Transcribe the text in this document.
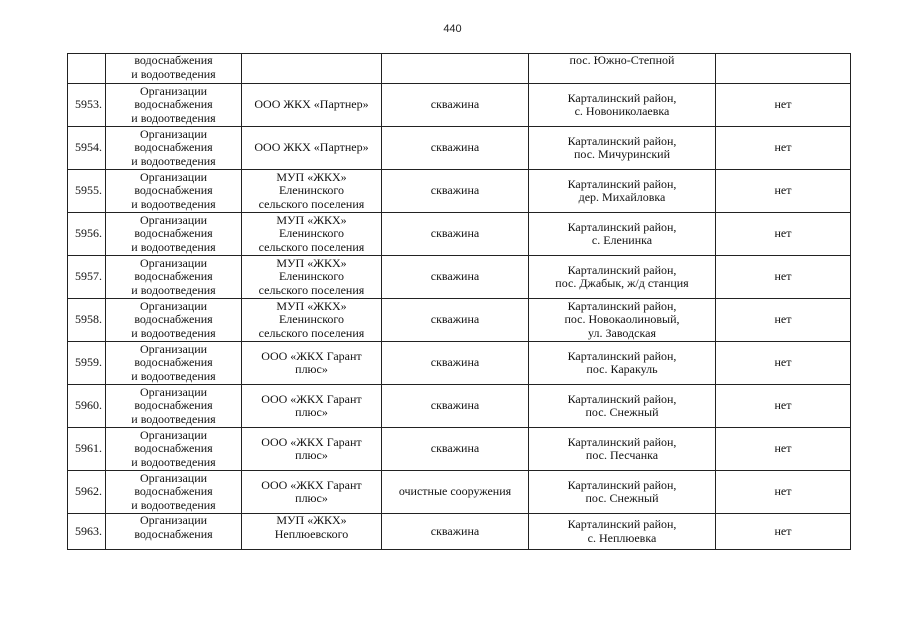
440

	водоснабжения
и водоотведения			пос. Южно-Степной	

5953.	Организации
водоснабжения
и водоотведения	ООО ЖКХ «Партнер»	скважина	Карталинский район,
с. Новониколаевка	нет

5954.	Организации
водоснабжения
и водоотведения	ООО ЖКХ «Партнер»	скважина	Карталинский район,
пос. Мичуринский	нет

5955.	Организации
водоснабжения
и водоотведения	МУП «ЖКХ»
Еленинского
сельского поселения	скважина	Карталинский район,
дер. Михайловка	нет

5956.	Организации
водоснабжения
и водоотведения	МУП «ЖКХ»
Еленинского
сельского поселения	скважина	Карталинский район,
с. Еленинка	нет

5957.	Организации
водоснабжения
и водоотведения	МУП «ЖКХ»
Еленинского
сельского поселения	скважина	Карталинский район,
пос. Джабык, ж/д станция	нет

5958.	Организации
водоснабжения
и водоотведения	МУП «ЖКХ»
Еленинского
сельского поселения	скважина	Карталинский район,
пос. Новокаолиновый,
ул. Заводская	нет

5959.	Организации
водоснабжения
и водоотведения	ООО «ЖКХ Гарант
плюс»	скважина	Карталинский район,
пос. Каракуль	нет

5960.	Организации
водоснабжения
и водоотведения	ООО «ЖКХ Гарант
плюс»	скважина	Карталинский район,
пос. Снежный	нет

5961.	Организации
водоснабжения
и водоотведения	ООО «ЖКХ Гарант
плюс»	скважина	Карталинский район,
пос. Песчанка	нет

5962.	Организации
водоснабжения
и водоотведения	ООО «ЖКХ Гарант
плюс»	очистные сооружения	Карталинский район,
пос. Снежный	нет

5963.	Организации
водоснабжения	МУП «ЖКХ»
Неплюевского	скважина	Карталинский район,
с. Неплюевка	нет
